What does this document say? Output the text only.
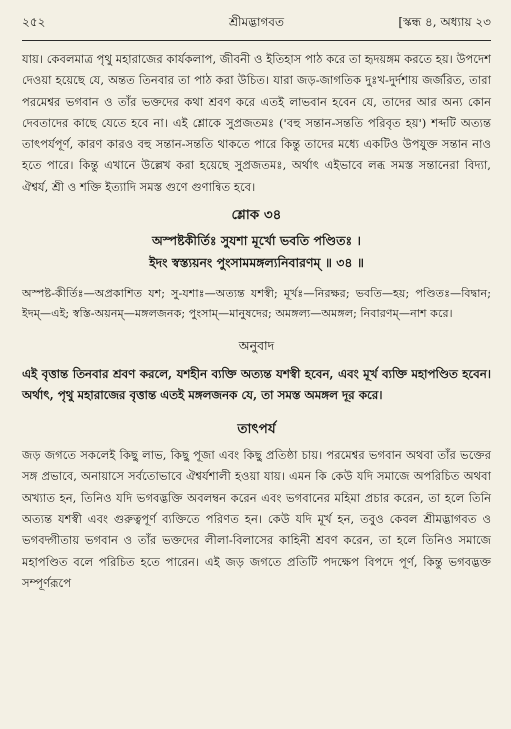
২৫২	শ্রীমদ্ভাগবত	[স্কন্ধ ৪, অধ্যায় ২৩

যায়। কেবলমাত্র পৃথু মহারাজের কার্যকলাপ, জীবনী ও ইতিহাস পাঠ করে তা হৃদয়ঙ্গম করতে হয়। উপদেশ দেওয়া হয়েছে যে, অন্তত তিনবার তা পাঠ করা উচিত। যারা জড়-জাগতিক দুঃখ-দুর্দশায় জর্জরিত, তারা পরমেশ্বর ভগবান ও তাঁর ভক্তদের কথা শ্রবণ করে এতই লাভবান হবেন যে, তাদের আর অন্য কোন দেবতাদের কাছে যেতে হবে না। এই শ্লোকে সুপ্রজতমঃ ('বহু সন্তান-সন্ততি পরিবৃত হয়') শব্দটি অত্যন্ত তাৎপর্যপূর্ণ, কারণ কারও বহু সন্তান-সন্ততি থাকতে পারে কিন্তু তাদের মধ্যে একটিও উপযুক্ত সন্তান নাও হতে পারে। কিন্তু এখানে উল্লেখ করা হয়েছে সুপ্রজতমঃ, অর্থাৎ এইভাবে লব্ধ সমস্ত সন্তানেরা বিদ্যা, ঐশ্বর্য, শ্রী ও শক্তি ইত্যাদি সমস্ত গুণে গুণান্বিত হবে।

শ্লোক ৩৪

অস্পষ্টকীর্তিঃ সুযশা মূর্খো ভবতি পণ্ডিতঃ ।

ইদং স্বস্ত্যয়নং পুংসামমঙ্গল্যনিবারণম্ ॥ ৩৪ ॥

অস্পষ্ট-কীর্তিঃ—অপ্রকাশিত যশ; সু-যশাঃ—অত্যন্ত যশস্বী; মূর্খঃ—নিরক্ষর; ভবতি—হয়; পণ্ডিতঃ—বিদ্বান; ইদম্—এই; স্বস্তি-অয়নম্—মঙ্গলজনক; পুংসাম্—মানুষদের; অমঙ্গল্য—অমঙ্গল; নিবারণম্—নাশ করে।

অনুবাদ

এই বৃত্তান্ত তিনবার শ্রবণ করলে, যশহীন ব্যক্তি অত্যন্ত যশস্বী হবেন, এবং মূর্খ ব্যক্তি মহাপণ্ডিত হবেন। অর্থাৎ, পৃথু মহারাজের বৃত্তান্ত এতই মঙ্গলজনক যে, তা সমস্ত অমঙ্গল দূর করে।

তাৎপর্য

জড় জগতে সকলেই কিছু লাভ, কিছু পূজা এবং কিছু প্রতিষ্ঠা চায়। পরমেশ্বর ভগবান অথবা তাঁর ভক্তের সঙ্গ প্রভাবে, অনায়াসে সর্বতোভাবে ঐশ্বর্যশালী হওয়া যায়। এমন কি কেউ যদি সমাজে অপরিচিত অথবা অখ্যাত হন, তিনিও যদি ভগবদ্ভক্তি অবলম্বন করেন এবং ভগবানের মহিমা প্রচার করেন, তা হলে তিনি অত্যন্ত যশস্বী এবং গুরুত্বপূর্ণ ব্যক্তিতে পরিণত হন। কেউ যদি মূর্খ হন, তবুও কেবল শ্রীমদ্ভাগবত ও ভগবদ্গীতায় ভগবান ও তাঁর ভক্তদের লীলা-বিলাসের কাহিনী শ্রবণ করেন, তা হলে তিনিও সমাজে মহাপণ্ডিত বলে পরিচিত হতে পারেন। এই জড় জগতে প্রতিটি পদক্ষেপ বিপদে পূর্ণ, কিন্তু ভগবদ্ভক্ত সম্পূর্ণরূপে
